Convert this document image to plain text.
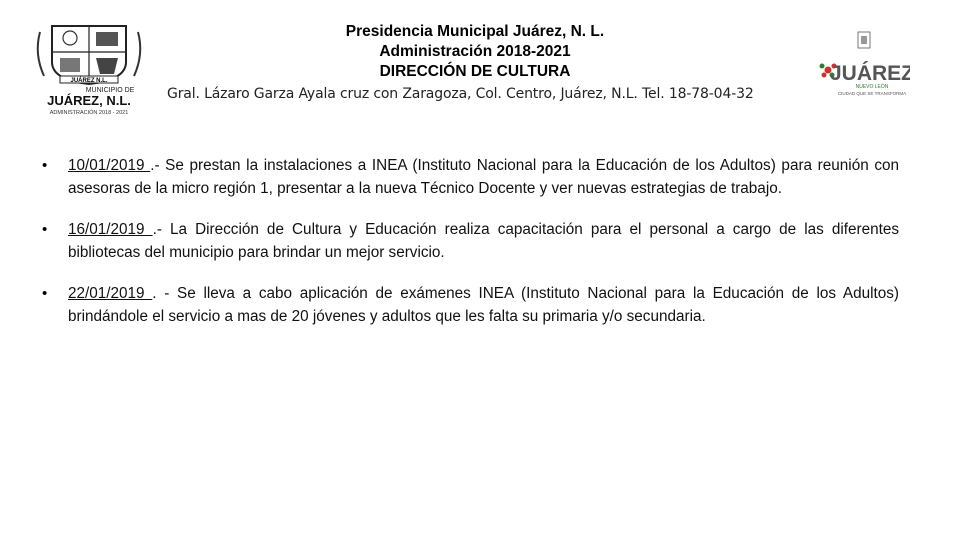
JUÁREZ N.L.
MUNICIPIO DE
JUÁREZ, N.L.
ADMINISTRACIÓN 2018 - 2021
Presidencia Municipal Juárez, N. L.
Administración 2018-2021
DIRECCIÓN DE CULTURA
Gral. Lázaro Garza Ayala cruz con Zaragoza, Col. Centro, Juárez, N.L. Tel. 18-78-04-32
JUÁREZ
NUEVO LEÓN
CIUDAD QUE SE TRANSFORMA
•	10/01/2019 .- Se prestan la instalaciones a INEA (Instituto Nacional para la Educación de los Adultos) para reunión con asesoras de la micro región 1, presentar a la nueva Técnico Docente y ver nuevas estrategias de trabajo.
•	16/01/2019 .- La Dirección de Cultura y Educación realiza capacitación para el personal a cargo de las diferentes bibliotecas del municipio para brindar un mejor servicio.
•	22/01/2019 . - Se lleva a cabo aplicación de exámenes INEA (Instituto Nacional para la Educación de los Adultos) brindándole el servicio a mas de 20 jóvenes y adultos que les falta su primaria y/o secundaria.
